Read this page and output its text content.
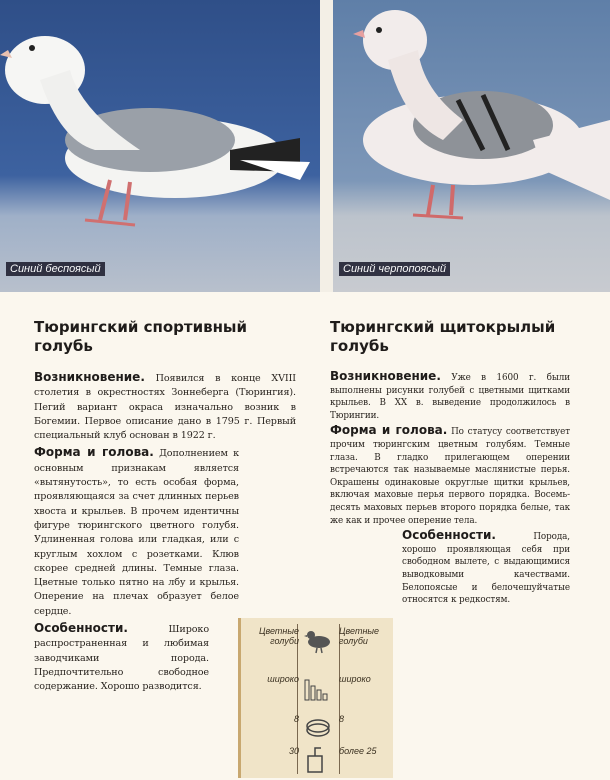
Синий беспоясый	Синий черпопоясый
Тюрингский спортивный голубь

Возникновение. Появился в конце XVIII столетия в окрестностях Зоннеберга (Тюрингия). Пегий вариант окраса изначально возник в Богемии. Первое описание дано в 1795 г. Первый специальный клуб основан в 1922 г.

Форма и голова. Дополнением к основным признакам является «вытянутость», то есть особая форма, проявляющаяся за счет длинных перьев хвоста и крыльев. В прочем идентичны фигуре тюрингского цветного голубя. Удлиненная голова или гладкая, или с круглым хохлом с розетками. Клюв скорее средней длины. Темные глаза. Цветные только пятно на лбу и крылья. Оперение на плечах образует белое сердце.

Особенности. Широко распространенная и любимая заводчиками порода. Предпочтительно свободное содержание. Хорошо разводится.

Тюрингский щитокрылый голубь

Возникновение. Уже в 1600 г. были выполнены рисунки голубей с цветными щитками крыльев. В XX в. выведение продолжилось в Тюрингии.

Форма и голова. По статусу соответствует прочим тюрингским цветным голубям. Темные глаза. В гладко прилегающем оперении встречаются так называемые маслянистые перья. Окрашены одинаковые округлые щитки крыльев, включая маховые перья первого порядка. Восемь-десять маховых перьев второго порядка белые, так же как и прочее оперение тела.

Особенности. Порода, хорошо проявляющая себя при свободном вылете, с выдающимися выводковыми качествами. Белопоясые и белочешуйчатые относятся к редкостям.

Цветные голуби
Цветные голуби
широко	широко
8	8
30	более 25
